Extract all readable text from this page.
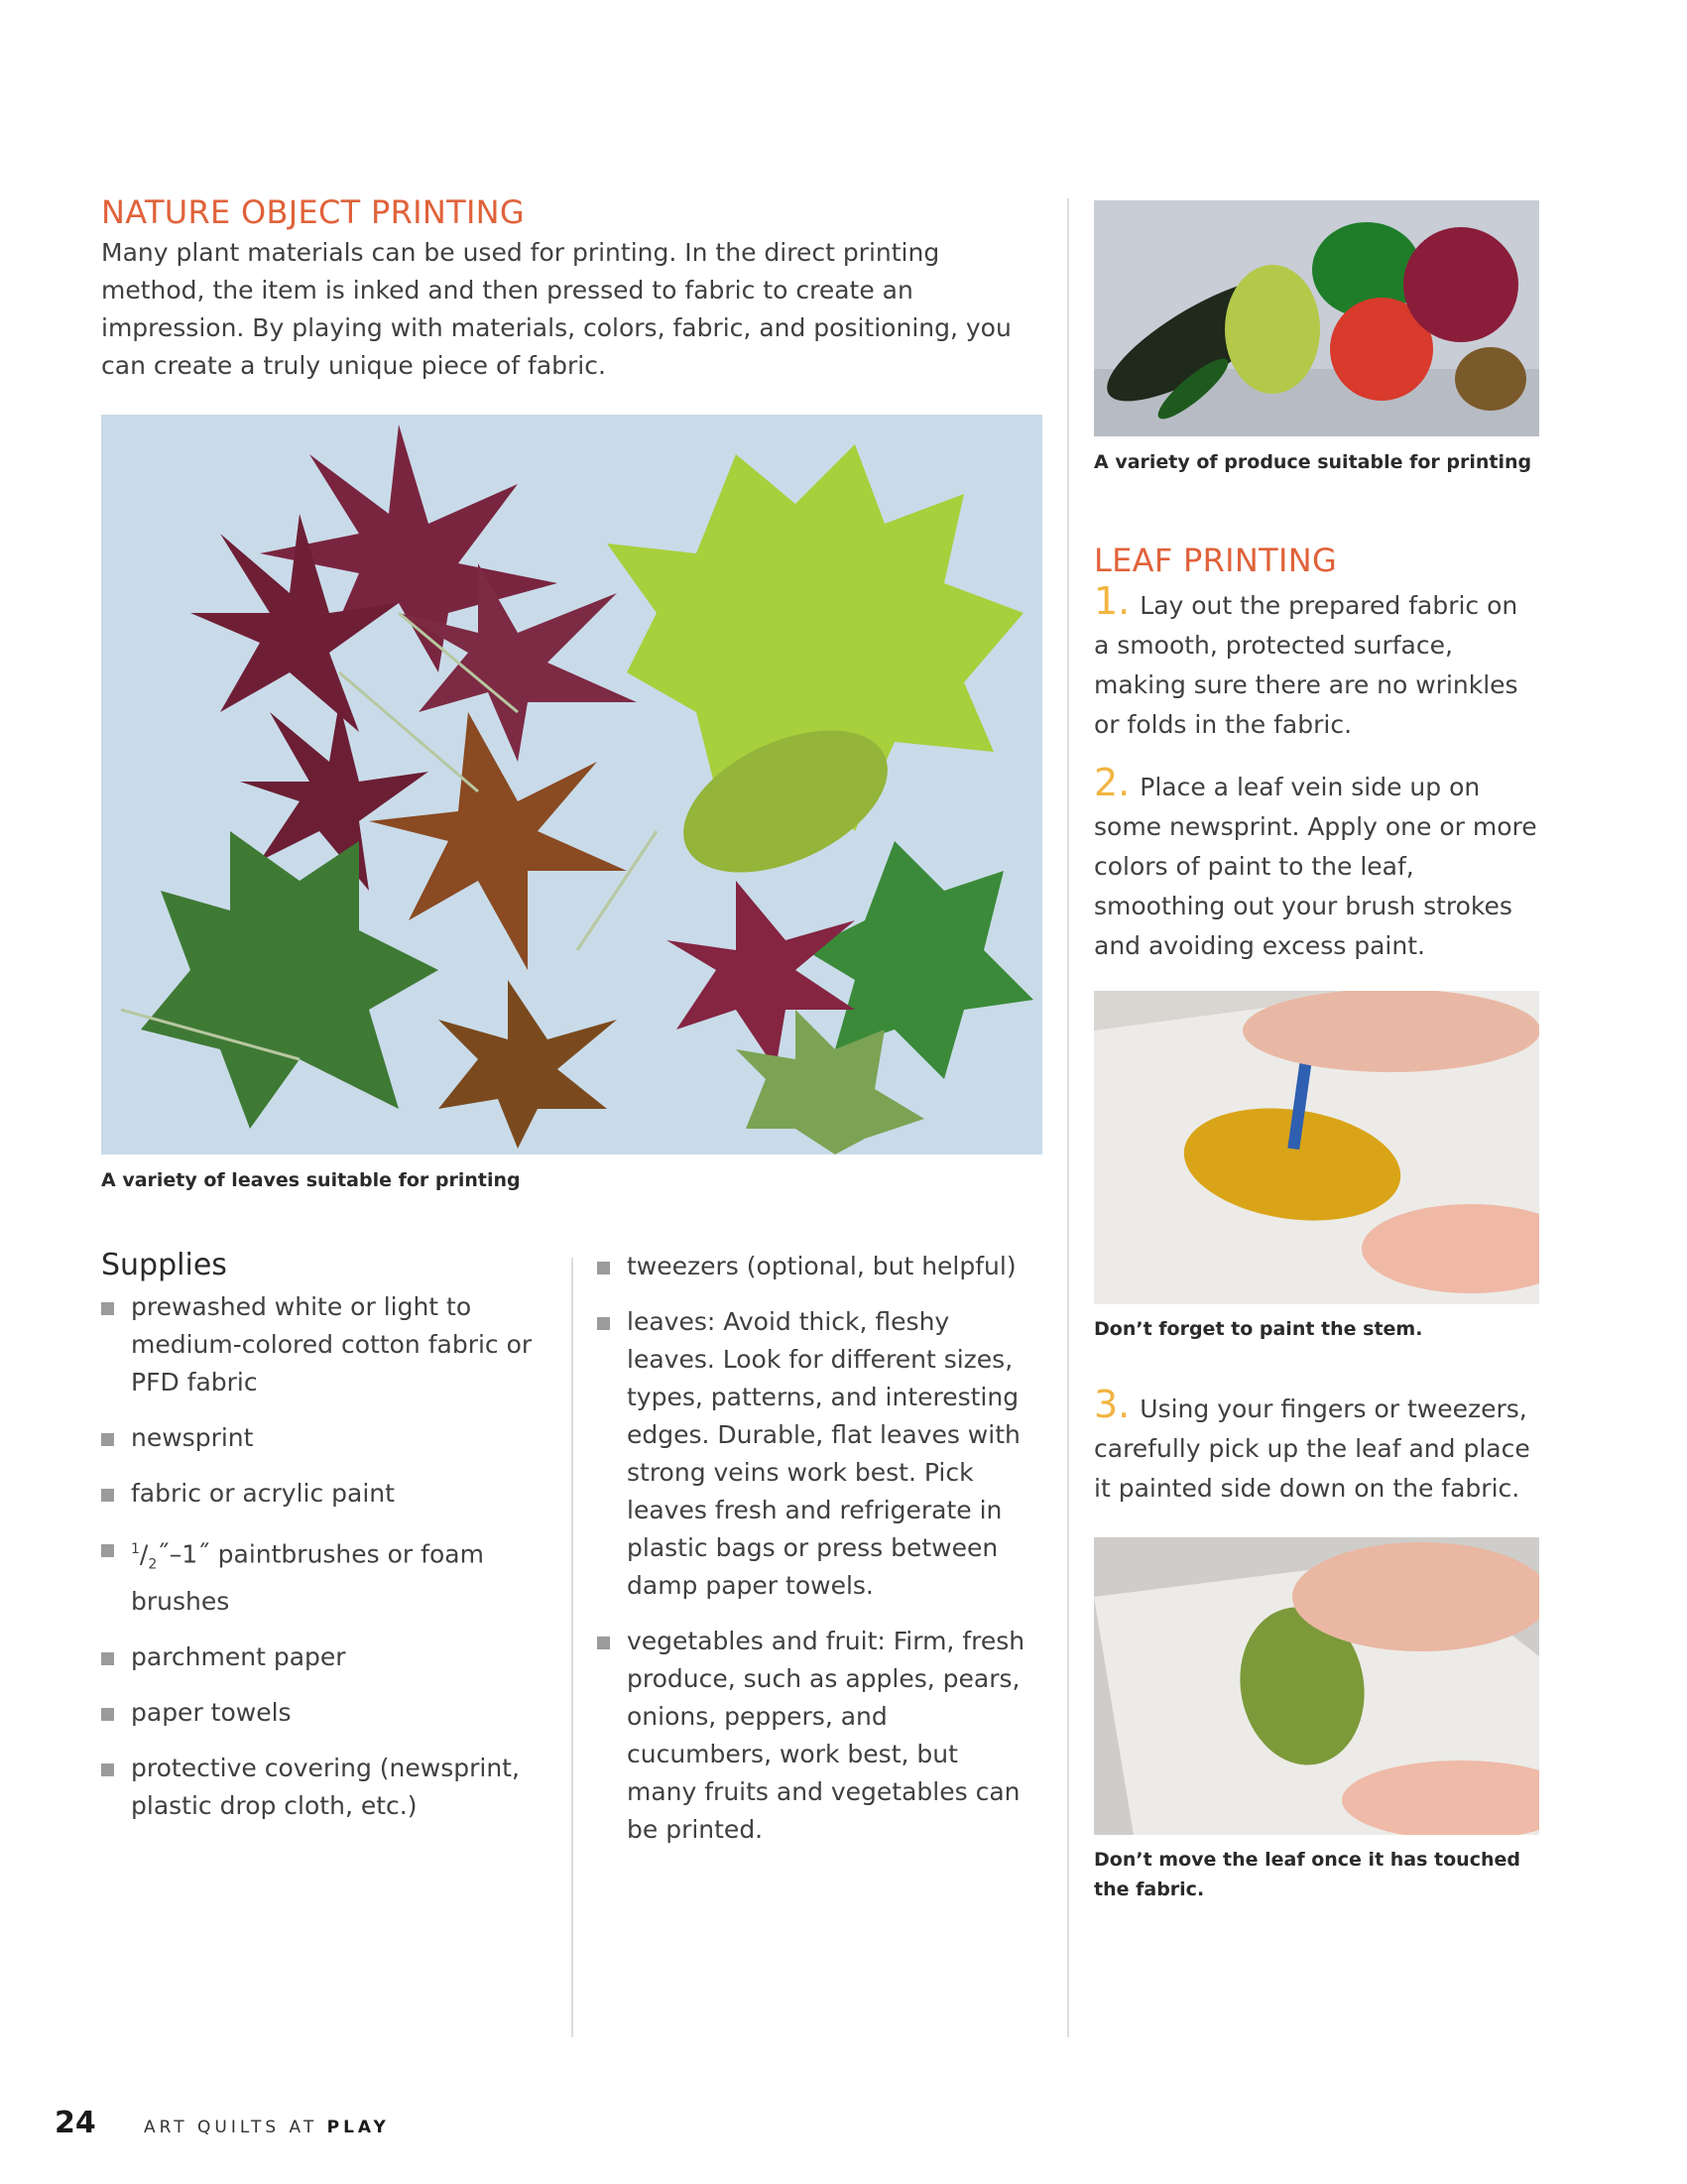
NATURE OBJECT PRINTING

Many plant materials can be used for printing. In the direct printing method, the item is inked and then pressed to fabric to create an impression. By playing with materials, colors, fabric, and positioning, you can create a truly unique piece of fabric.

A variety of leaves suitable for printing
Supplies
prewashed white or light to medium-colored cotton fabric or PFD fabric
newsprint
fabric or acrylic paint
$^1/_2˝-1˝$ paintbrushes or foam brushes
parchment paper
paper towels
protective covering (newsprint, plastic drop cloth, etc.)
tweezers (optional, but helpful)
leaves: Avoid thick, fleshy leaves. Look for different sizes, types, patterns, and interesting edges. Durable, flat leaves with strong veins work best. Pick leaves fresh and refrigerate in plastic bags or press between damp paper towels.
vegetables and fruit: Firm, fresh produce, such as apples, pears, onions, peppers, and cucumbers, work best, but many fruits and vegetables can be printed.
A variety of produce suitable for printing
LEAF PRINTING

1. Lay out the prepared fabric on a smooth, protected surface, making sure there are no wrinkles or folds in the fabric.

2. Place a leaf vein side up on some newsprint. Apply one or more colors of paint to the leaf, smoothing out your brush strokes and avoiding excess paint.

Don’t forget to paint the stem.

3. Using your fingers or tweezers, carefully pick up the leaf and place it painted side down on the fabric.

Don’t move the leaf once it has touched the fabric.
24	ART QUILTS AT PLAY
